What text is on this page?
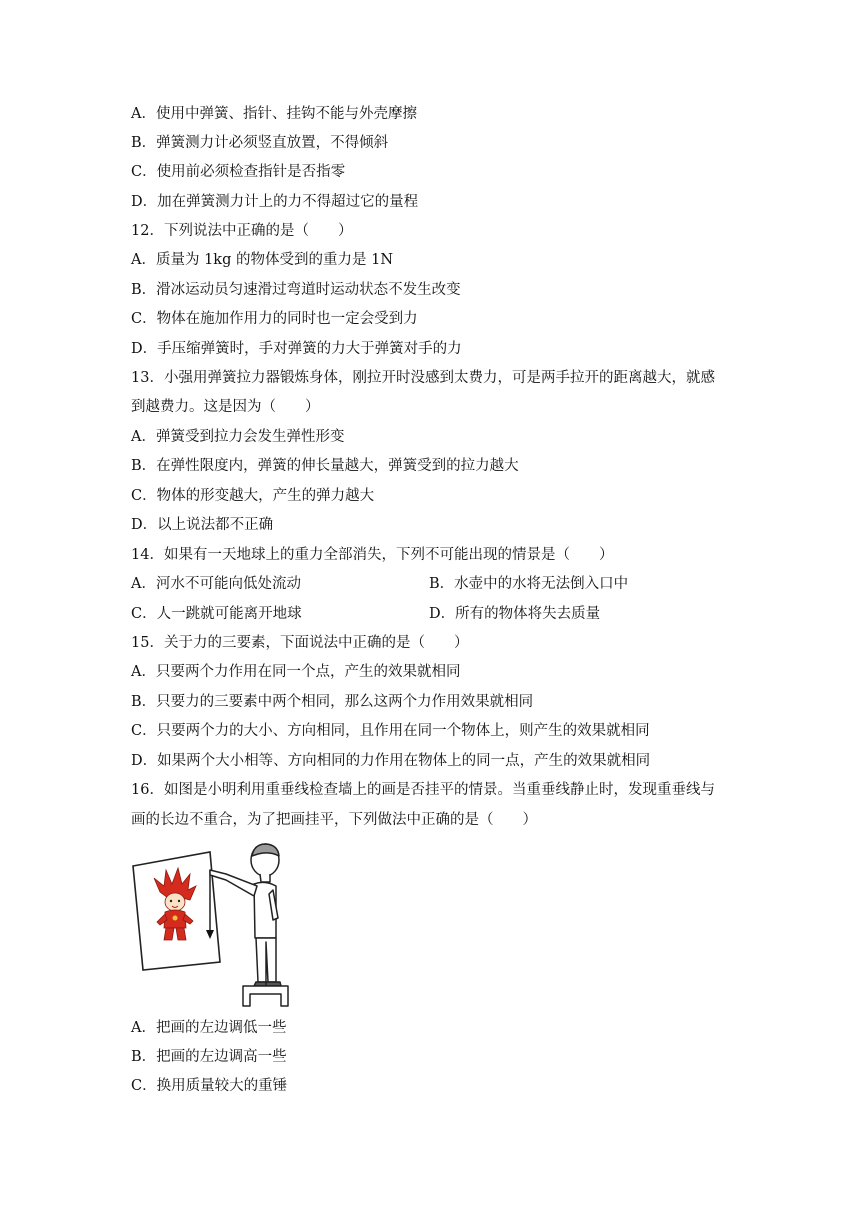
A．使用中弹簧、指针、挂钩不能与外壳摩擦
B．弹簧测力计必须竖直放置，不得倾斜
C．使用前必须检查指针是否指零
D．加在弹簧测力计上的力不得超过它的量程
12．下列说法中正确的是（　　）
A．质量为 1kg 的物体受到的重力是 1N
B．滑冰运动员匀速滑过弯道时运动状态不发生改变
C．物体在施加作用力的同时也一定会受到力
D．手压缩弹簧时，手对弹簧的力大于弹簧对手的力
13．小强用弹簧拉力器锻炼身体，刚拉开时没感到太费力，可是两手拉开的距离越大，就感
到越费力。这是因为（　　）
A．弹簧受到拉力会发生弹性形变
B．在弹性限度内，弹簧的伸长量越大，弹簧受到的拉力越大
C．物体的形变越大，产生的弹力越大
D．以上说法都不正确
14．如果有一天地球上的重力全部消失，下列不可能出现的情景是（　　）
A．河水不可能向低处流动	B．水壶中的水将无法倒入口中
C．人一跳就可能离开地球	D．所有的物体将失去质量
15．关于力的三要素，下面说法中正确的是（　　）
A．只要两个力作用在同一个点，产生的效果就相同
B．只要力的三要素中两个相同，那么这两个力作用效果就相同
C．只要两个力的大小、方向相同，且作用在同一个物体上，则产生的效果就相同
D．如果两个大小相等、方向相同的力作用在物体上的同一点，产生的效果就相同
16．如图是小明利用重垂线检查墙上的画是否挂平的情景。当重垂线静止时，发现重垂线与
画的长边不重合，为了把画挂平，下列做法中正确的是（　　）
A．把画的左边调低一些
B．把画的左边调高一些
C．换用质量较大的重锤
